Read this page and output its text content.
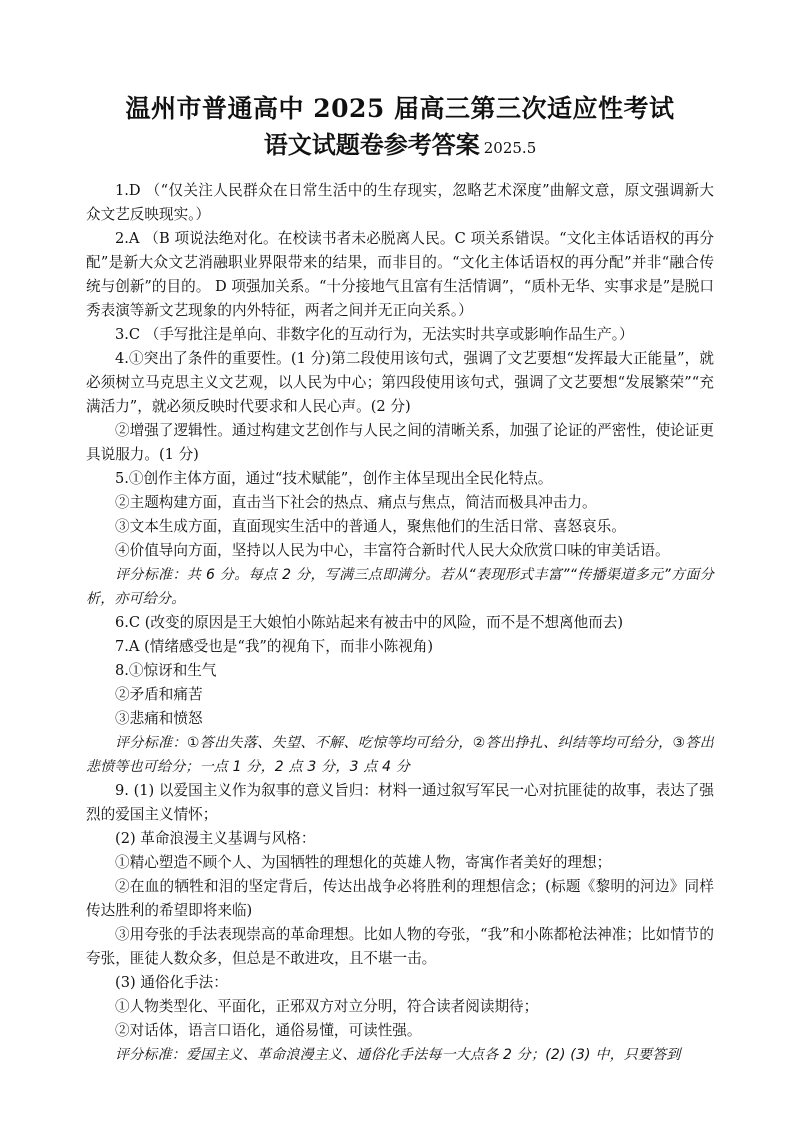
温州市普通高中 2025 届高三第三次适应性考试
语文试题卷参考答案 2025.5

1.D （“仅关注人民群众在日常生活中的生存现实，忽略艺术深度”曲解文意，原文强调新大众文艺反映现实。）

2.A （B 项说法绝对化。在校读书者未必脱离人民。C 项关系错误。“文化主体话语权的再分配”是新大众文艺消融职业界限带来的结果，而非目的。“文化主体话语权的再分配”并非“融合传统与创新”的目的。 D 项强加关系。“十分接地气且富有生活情调”，“质朴无华、实事求是”是脱口秀表演等新文艺现象的内外特征，两者之间并无正向关系。）

3.C （手写批注是单向、非数字化的互动行为，无法实时共享或影响作品生产。）

4.①突出了条件的重要性。(1 分)第二段使用该句式，强调了文艺要想“发挥最大正能量”，就必须树立马克思主义文艺观，以人民为中心；第四段使用该句式，强调了文艺要想“发展繁荣”“充满活力”，就必须反映时代要求和人民心声。(2 分)

②增强了逻辑性。通过构建文艺创作与人民之间的清晰关系，加强了论证的严密性，使论证更具说服力。(1 分)

5.①创作主体方面，通过“技术赋能”，创作主体呈现出全民化特点。

②主题构建方面，直击当下社会的热点、痛点与焦点，简洁而极具冲击力。

③文本生成方面，直面现实生活中的普通人，聚焦他们的生活日常、喜怒哀乐。

④价值导向方面，坚持以人民为中心，丰富符合新时代人民大众欣赏口味的审美话语。

评分标准：共 6 分。每点 2 分，写满三点即满分。若从“表现形式丰富”“传播渠道多元”方面分析，亦可给分。

6.C (改变的原因是王大娘怕小陈站起来有被击中的风险，而不是不想离他而去)

7.A (情绪感受也是“我”的视角下，而非小陈视角)

8.①惊讶和生气

②矛盾和痛苦

③悲痛和愤怒

评分标准：①答出失落、失望、不解、吃惊等均可给分，②答出挣扎、纠结等均可给分，③答出悲愤等也可给分；一点 1 分，2 点 3 分，3 点 4 分

9. (1) 以爱国主义作为叙事的意义旨归：材料一通过叙写军民一心对抗匪徒的故事，表达了强烈的爱国主义情怀；

(2) 革命浪漫主义基调与风格：

①精心塑造不顾个人、为国牺牲的理想化的英雄人物，寄寓作者美好的理想；

②在血的牺牲和泪的坚定背后，传达出战争必将胜利的理想信念；(标题《黎明的河边》同样传达胜利的希望即将来临)

③用夸张的手法表现崇高的革命理想。比如人物的夸张，“我”和小陈都枪法神准；比如情节的夸张，匪徒人数众多，但总是不敢进攻，且不堪一击。

(3) 通俗化手法：

①人物类型化、平面化，正邪双方对立分明，符合读者阅读期待；

②对话体，语言口语化，通俗易懂，可读性强。

评分标准：爱国主义、革命浪漫主义、通俗化手法每一大点各 2 分；(2) (3) 中，只要答到
